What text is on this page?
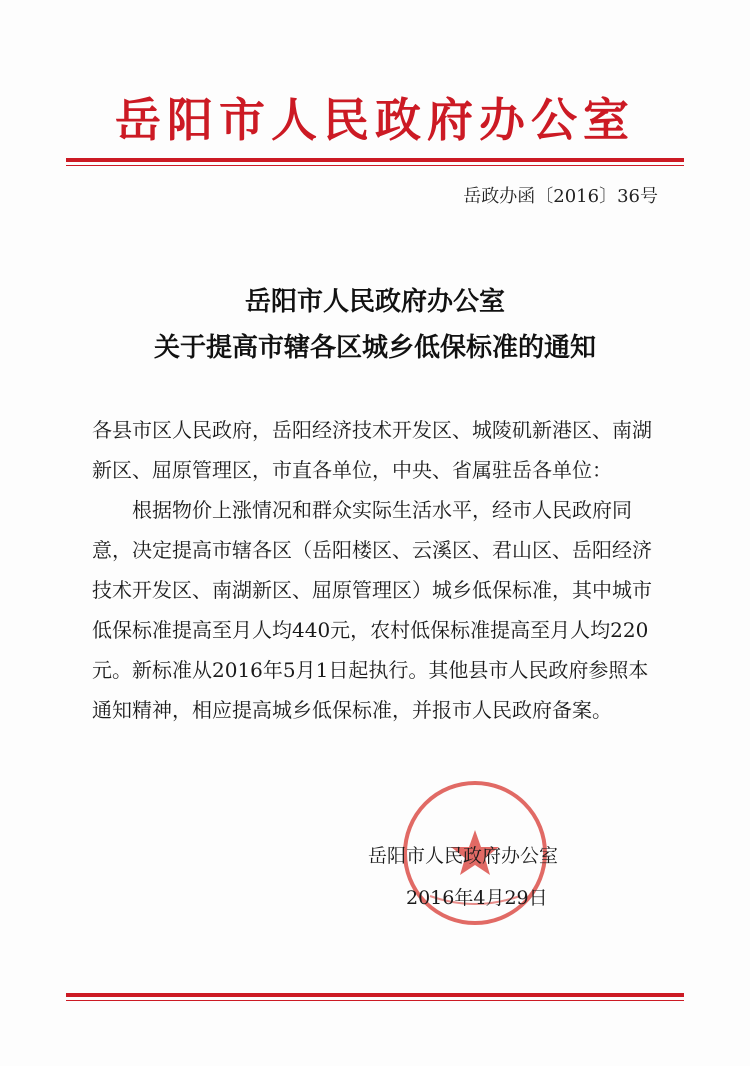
岳阳市人民政府办公室
岳政办函〔2016〕36号
岳阳市人民政府办公室
关于提高市辖各区城乡低保标准的通知
各县市区人民政府，岳阳经济技术开发区、城陵矶新港区、南湖新区、屈原管理区，市直各单位，中央、省属驻岳各单位：
根据物价上涨情况和群众实际生活水平，经市人民政府同意，决定提高市辖各区（岳阳楼区、云溪区、君山区、岳阳经济技术开发区、南湖新区、屈原管理区）城乡低保标准，其中城市低保标准提高至月人均440元，农村低保标准提高至月人均220元。新标准从2016年5月1日起执行。其他县市人民政府参照本通知精神，相应提高城乡低保标准，并报市人民政府备案。
岳阳市人民政府办公室
2016年4月29日
